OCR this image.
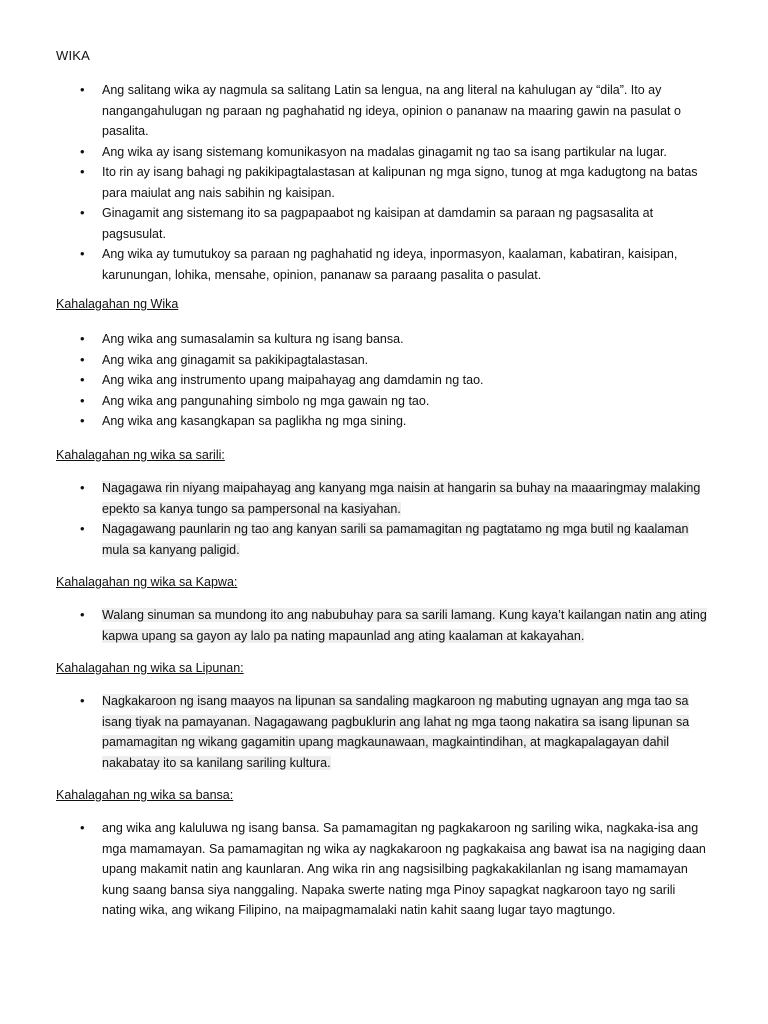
WIKA
• Ang salitang wika ay nagmula sa salitang Latin sa lengua, na ang literal na kahulugan ay “dila”. Ito ay nangangahulugan ng paraan ng paghahatid ng ideya, opinion o pananaw na maaring gawin na pasulat o pasalita.
• Ang wika ay isang sistemang komunikasyon na madalas ginagamit ng tao sa isang partikular na lugar.
• Ito rin ay isang bahagi ng pakikipagtalastasan at kalipunan ng mga signo, tunog at mga kadugtong na batas para maiulat ang nais sabihin ng kaisipan.
• Ginagamit ang sistemang ito sa pagpapaabot ng kaisipan at damdamin sa paraan ng pagsasalita at pagsusulat.
• Ang wika ay tumutukoy sa paraan ng paghahatid ng ideya, inpormasyon, kaalaman, kabatiran, kaisipan, karunungan, lohika, mensahe, opinion, pananaw sa paraang pasalita o pasulat.
Kahalagahan ng Wika
• Ang wika ang sumasalamin sa kultura ng isang bansa.
• Ang wika ang ginagamit sa pakikipagtalastasan.
• Ang wika ang instrumento upang maipahayag ang damdamin ng tao.
• Ang wika ang pangunahing simbolo ng mga gawain ng tao.
• Ang wika ang kasangkapan sa paglikha ng mga sining.
Kahalagahan ng wika sa sarili:
• Nagagawa rin niyang maipahayag ang kanyang mga naisin at hangarin sa buhay na maaaringmay malaking epekto sa kanya tungo sa pampersonal na kasiyahan.
• Nagagawang paunlarin ng tao ang kanyan sarili sa pamamagitan ng pagtatamo ng mga butil ng kaalaman mula sa kanyang paligid.
Kahalagahan ng wika sa Kapwa:
• Walang sinuman sa mundong ito ang nabubuhay para sa sarili lamang. Kung kaya’t kailangan natin ang ating kapwa upang sa gayon ay lalo pa nating mapaunlad ang ating kaalaman at kakayahan.
Kahalagahan ng wika sa Lipunan:
• Nagkakaroon ng isang maayos na lipunan sa sandaling magkaroon ng mabuting ugnayan ang mga tao sa isang tiyak na pamayanan. Nagagawang pagbuklurin ang lahat ng mga taong nakatira sa isang lipunan sa pamamagitan ng wikang gagamitin upang magkaunawaan, magkaintindihan, at magkapalagayan dahil nakabatay ito sa kanilang sariling kultura.
Kahalagahan ng wika sa bansa:
• ang wika ang kaluluwa ng isang bansa. Sa pamamagitan ng pagkakaroon ng sariling wika, nagkaka-isa ang mga mamamayan. Sa pamamagitan ng wika ay nagkakaroon ng pagkakaisa ang bawat isa na nagiging daan upang makamit natin ang kaunlaran. Ang wika rin ang nagsisilbing pagkakakilanlan ng isang mamamayan kung saang bansa siya nanggaling. Napaka swerte nating mga Pinoy sapagkat nagkaroon tayo ng sarili nating wika, ang wikang Filipino, na maipagmamalaki natin kahit saang lugar tayo magtungo.
